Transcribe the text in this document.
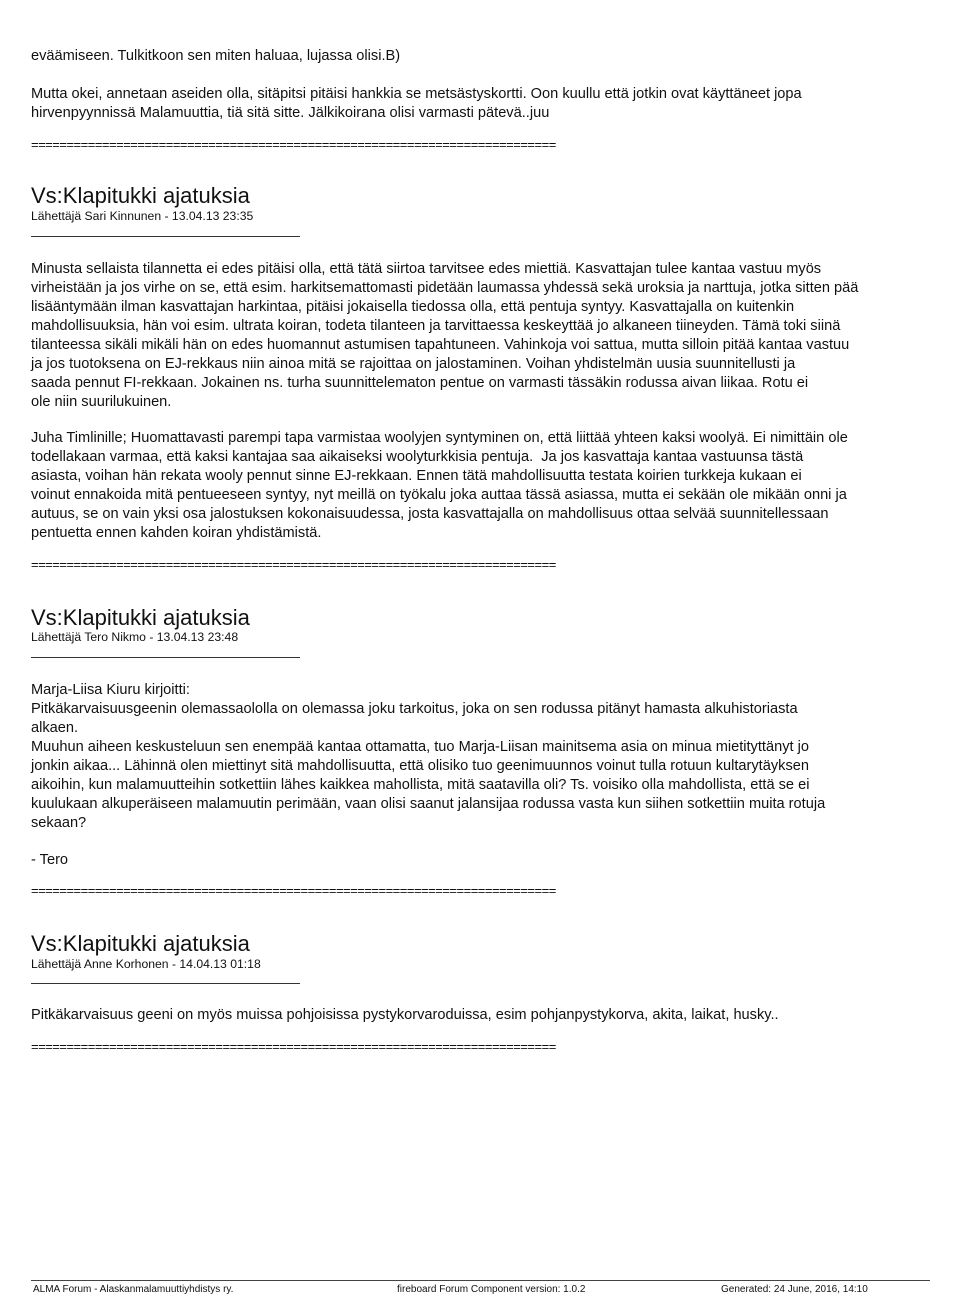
eväämiseen. Tulkitkoon sen miten haluaa, lujassa olisi.B)
Mutta okei, annetaan aseiden olla, sitäpitsi pitäisi hankkia se metsästyskortti. Oon kuullu että jotkin ovat käyttäneet jopa
hirvenpyynnissä Malamuuttia, tiä sitä sitte. Jälkikoirana olisi varmasti pätevä..juu
==========================================================================
Vs:Klapitukki ajatuksia
Lähettäjä Sari Kinnunen - 13.04.13 23:35
Minusta sellaista tilannetta ei edes pitäisi olla, että tätä siirtoa tarvitsee edes miettiä. Kasvattajan tulee kantaa vastuu myös
virheistään ja jos virhe on se, että esim. harkitsemattomasti pidetään laumassa yhdessä sekä uroksia ja narttuja, jotka sitten pää
lisääntymään ilman kasvattajan harkintaa, pitäisi jokaisella tiedossa olla, että pentuja syntyy. Kasvattajalla on kuitenkin
mahdollisuuksia, hän voi esim. ultrata koiran, todeta tilanteen ja tarvittaessa keskeyttää jo alkaneen tiineyden. Tämä toki siinä
tilanteessa sikäli mikäli hän on edes huomannut astumisen tapahtuneen. Vahinkoja voi sattua, mutta silloin pitää kantaa vastuu
ja jos tuotoksena on EJ-rekkaus niin ainoa mitä se rajoittaa on jalostaminen. Voihan yhdistelmän uusia suunnitellusti ja
saada pennut FI-rekkaan. Jokainen ns. turha suunnittelematon pentue on varmasti tässäkin rodussa aivan liikaa. Rotu ei
ole niin suurilukuinen.
Juha Timlinille; Huomattavasti parempi tapa varmistaa woolyjen syntyminen on, että liittää yhteen kaksi woolyä. Ei nimittäin ole
todellakaan varmaa, että kaksi kantajaa saa aikaiseksi woolyturkkisia pentuja.  Ja jos kasvattaja kantaa vastuunsa tästä
asiasta, voihan hän rekata wooly pennut sinne EJ-rekkaan. Ennen tätä mahdollisuutta testata koirien turkkeja kukaan ei
voinut ennakoida mitä pentueeseen syntyy, nyt meillä on työkalu joka auttaa tässä asiassa, mutta ei sekään ole mikään onni ja
autuus, se on vain yksi osa jalostuksen kokonaisuudessa, josta kasvattajalla on mahdollisuus ottaa selvää suunnitellessaan
pentuetta ennen kahden koiran yhdistämistä.
==========================================================================
Vs:Klapitukki ajatuksia
Lähettäjä Tero Nikmo - 13.04.13 23:48
Marja-Liisa Kiuru kirjoitti:
Pitkäkarvaisuusgeenin olemassaololla on olemassa joku tarkoitus, joka on sen rodussa pitänyt hamasta alkuhistoriasta
alkaen.
Muuhun aiheen keskusteluun sen enempää kantaa ottamatta, tuo Marja-Liisan mainitsema asia on minua mietityttänyt jo
jonkin aikaa... Lähinnä olen miettinyt sitä mahdollisuutta, että olisiko tuo geenimuunnos voinut tulla rotuun kultarytäyksen
aikoihin, kun malamuutteihin sotkettiin lähes kaikkea mahollista, mitä saatavilla oli? Ts. voisiko olla mahdollista, että se ei
kuulukaan alkuperäiseen malamuutin perimään, vaan olisi saanut jalansijaa rodussa vasta kun siihen sotkettiin muita rotuja
sekaan?
- Tero
==========================================================================
Vs:Klapitukki ajatuksia
Lähettäjä Anne Korhonen - 14.04.13 01:18
Pitkäkarvaisuus geeni on myös muissa pohjoisissa pystykorvaroduissa, esim pohjanpystykorva, akita, laikat, husky..
==========================================================================
ALMA Forum - Alaskanmalamuuttiyhdistys ry.	fireboard Forum Component version: 1.0.2	Generated: 24 June, 2016, 14:10
